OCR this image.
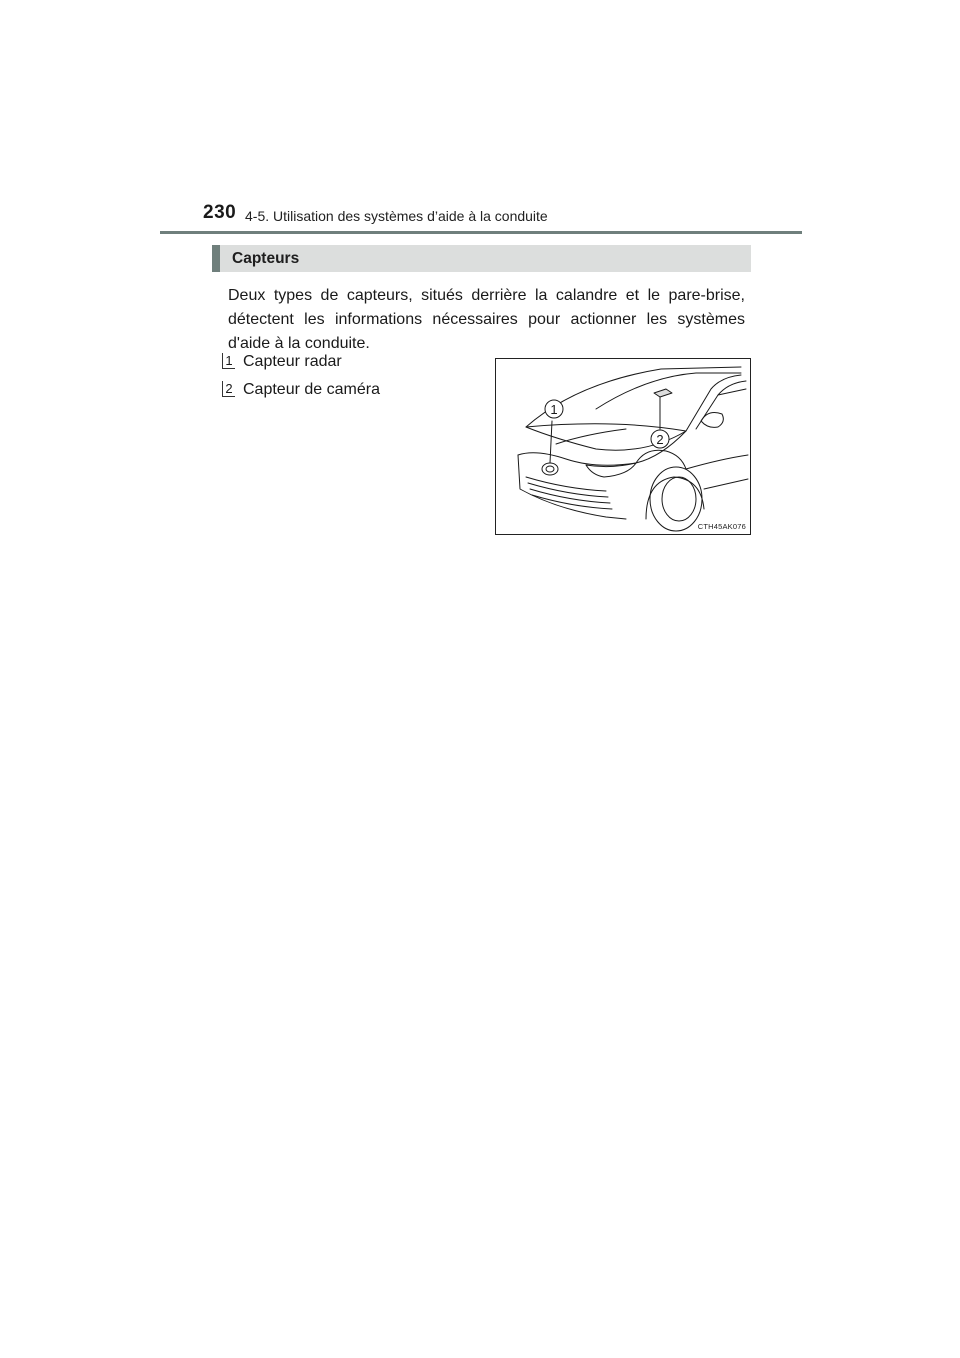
230 4-5. Utilisation des systèmes d’aide à la conduite
Capteurs

Deux types de capteurs, situés derrière la calandre et le pare-brise, détectent les informations nécessaires pour actionner les systèmes d'aide à la conduite.

1 Capteur radar
2 Capteur de caméra
1
2
CTH45AK076
